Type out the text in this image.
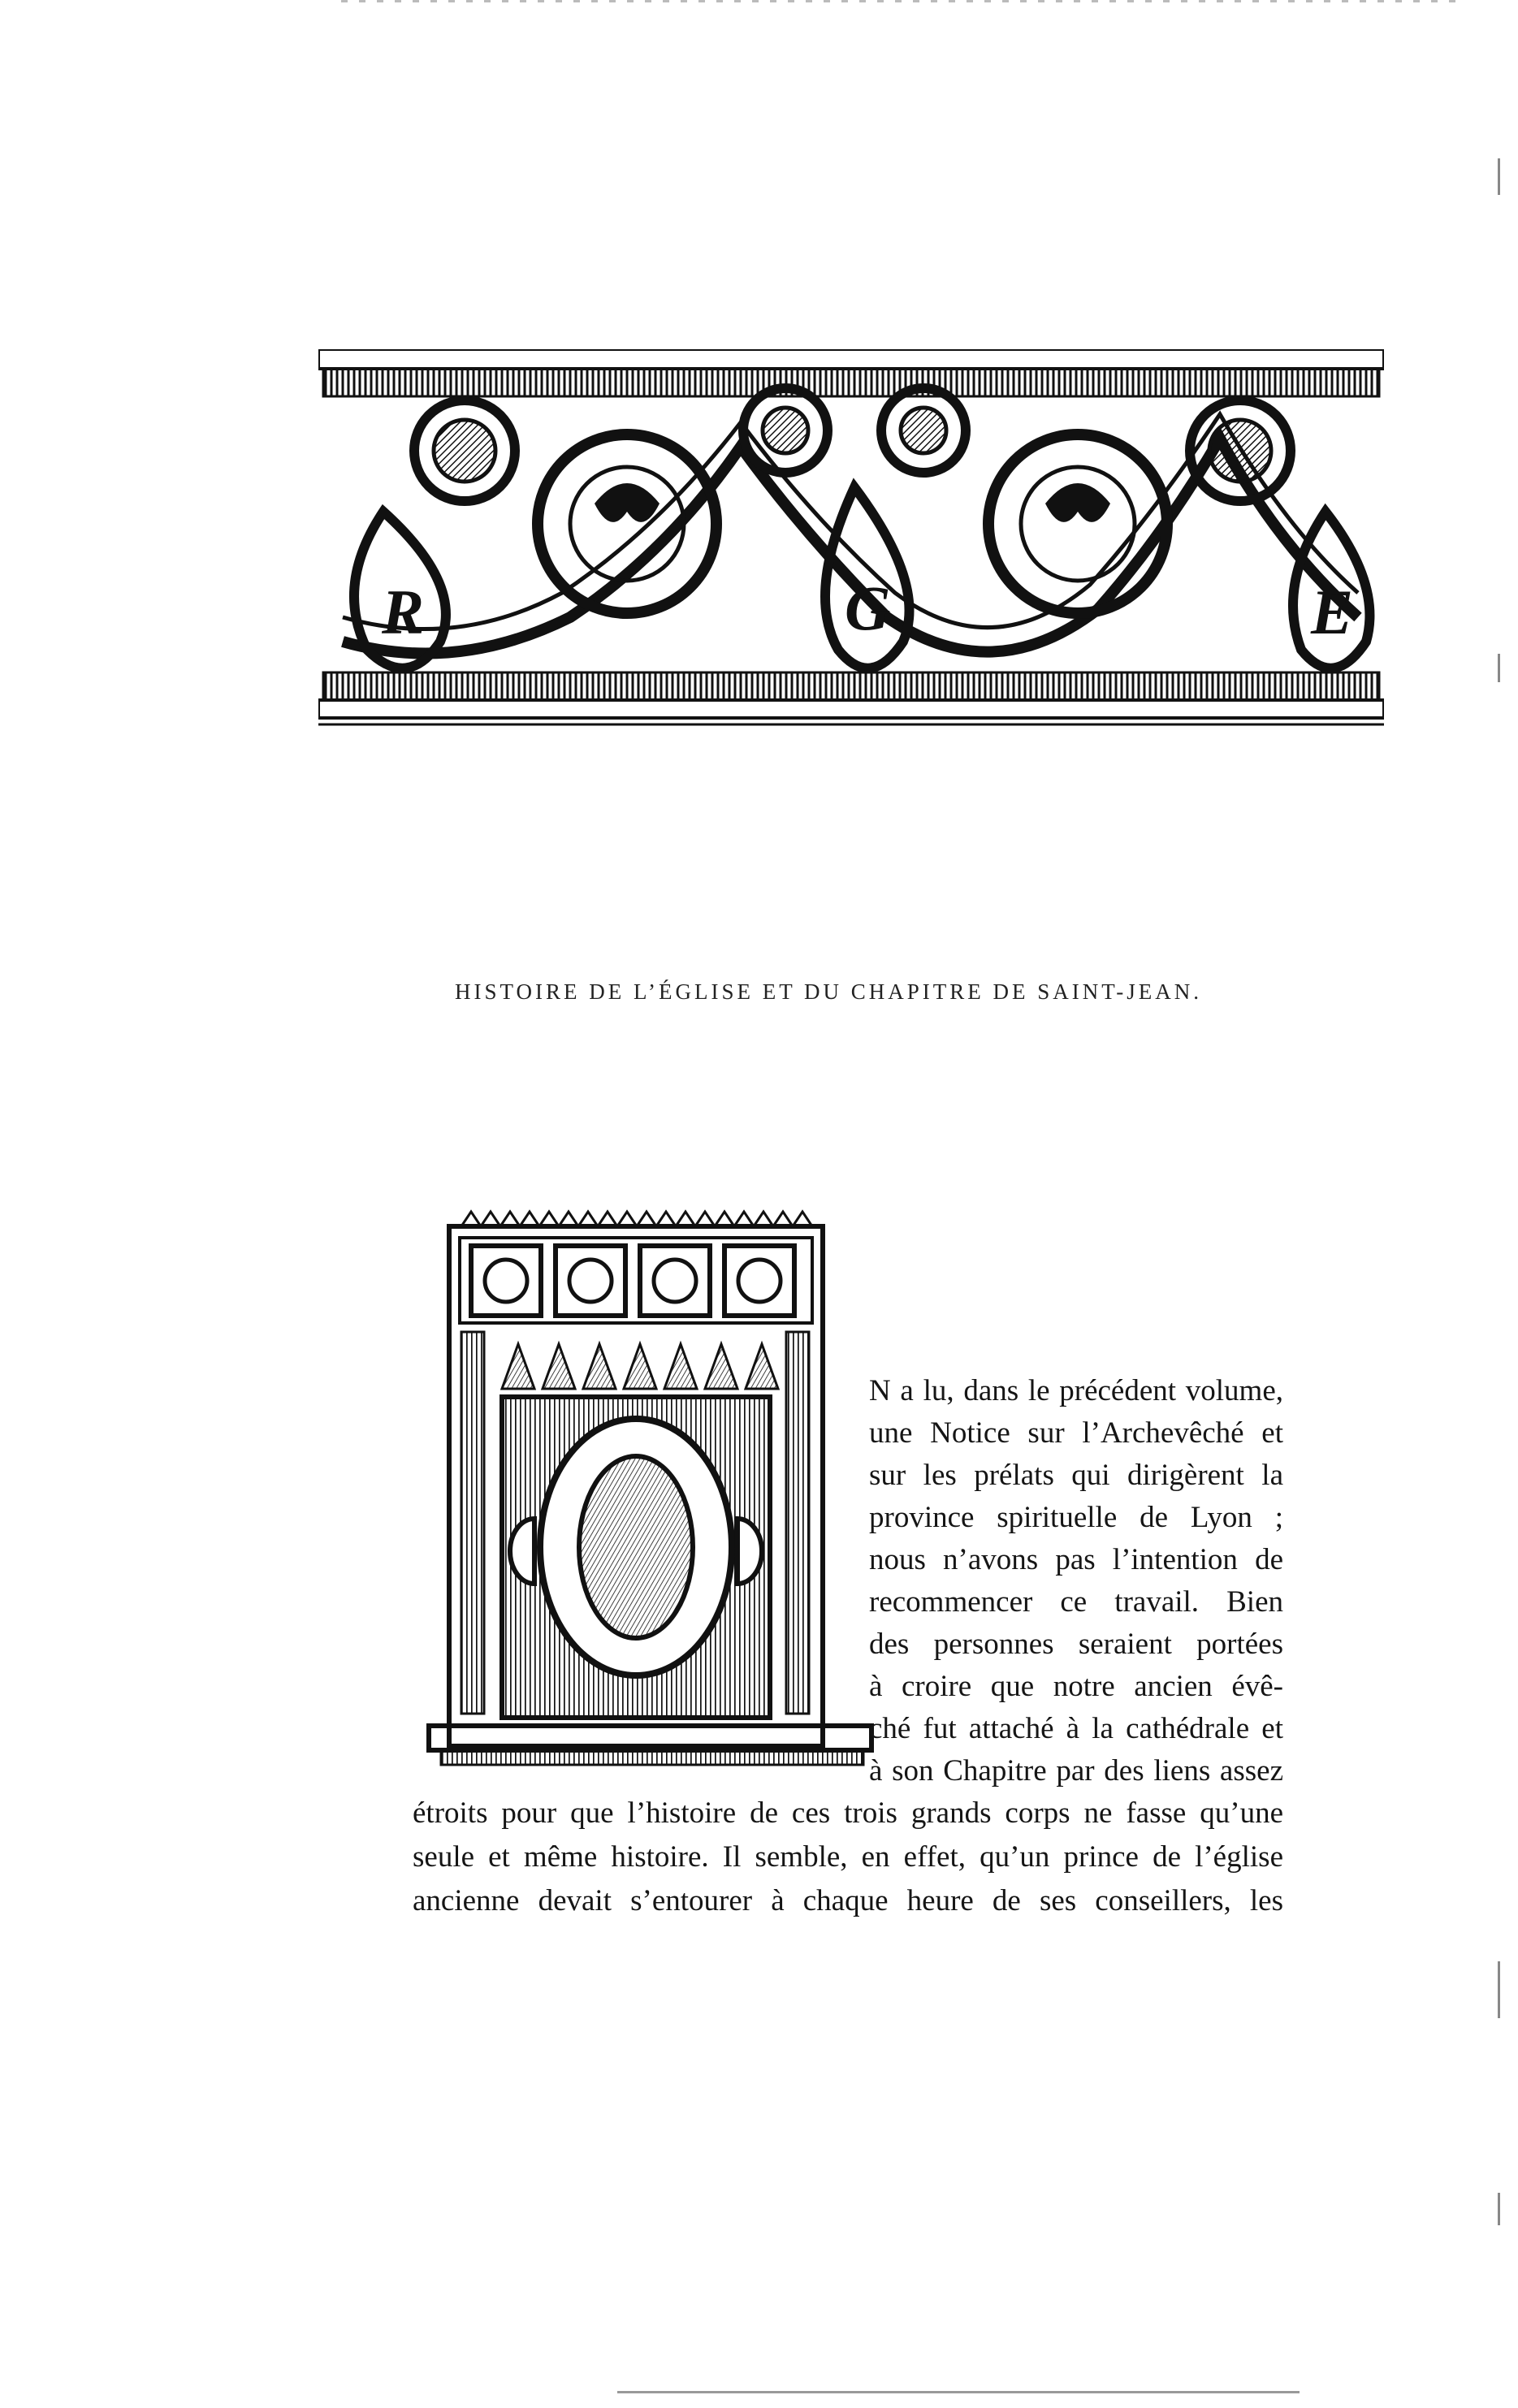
R	G	E
HISTOIRE DE L’ÉGLISE ET DU CHAPITRE DE SAINT-JEAN.
O
N a lu, dans le précédent volume,
une Notice sur l’Archevêché et
sur les prélats qui dirigèrent la
province spirituelle de Lyon ;
nous n’avons pas l’intention de
recommencer ce travail. Bien
des personnes seraient portées
à croire que notre ancien évê-
ché fut attaché à la cathédrale et
à son Chapitre par des liens assez
étroits pour que l’histoire de ces trois grands corps ne fasse qu’une
seule et même histoire. Il semble, en effet, qu’un prince de l’église
ancienne devait s’entourer à chaque heure de ses conseillers, les
